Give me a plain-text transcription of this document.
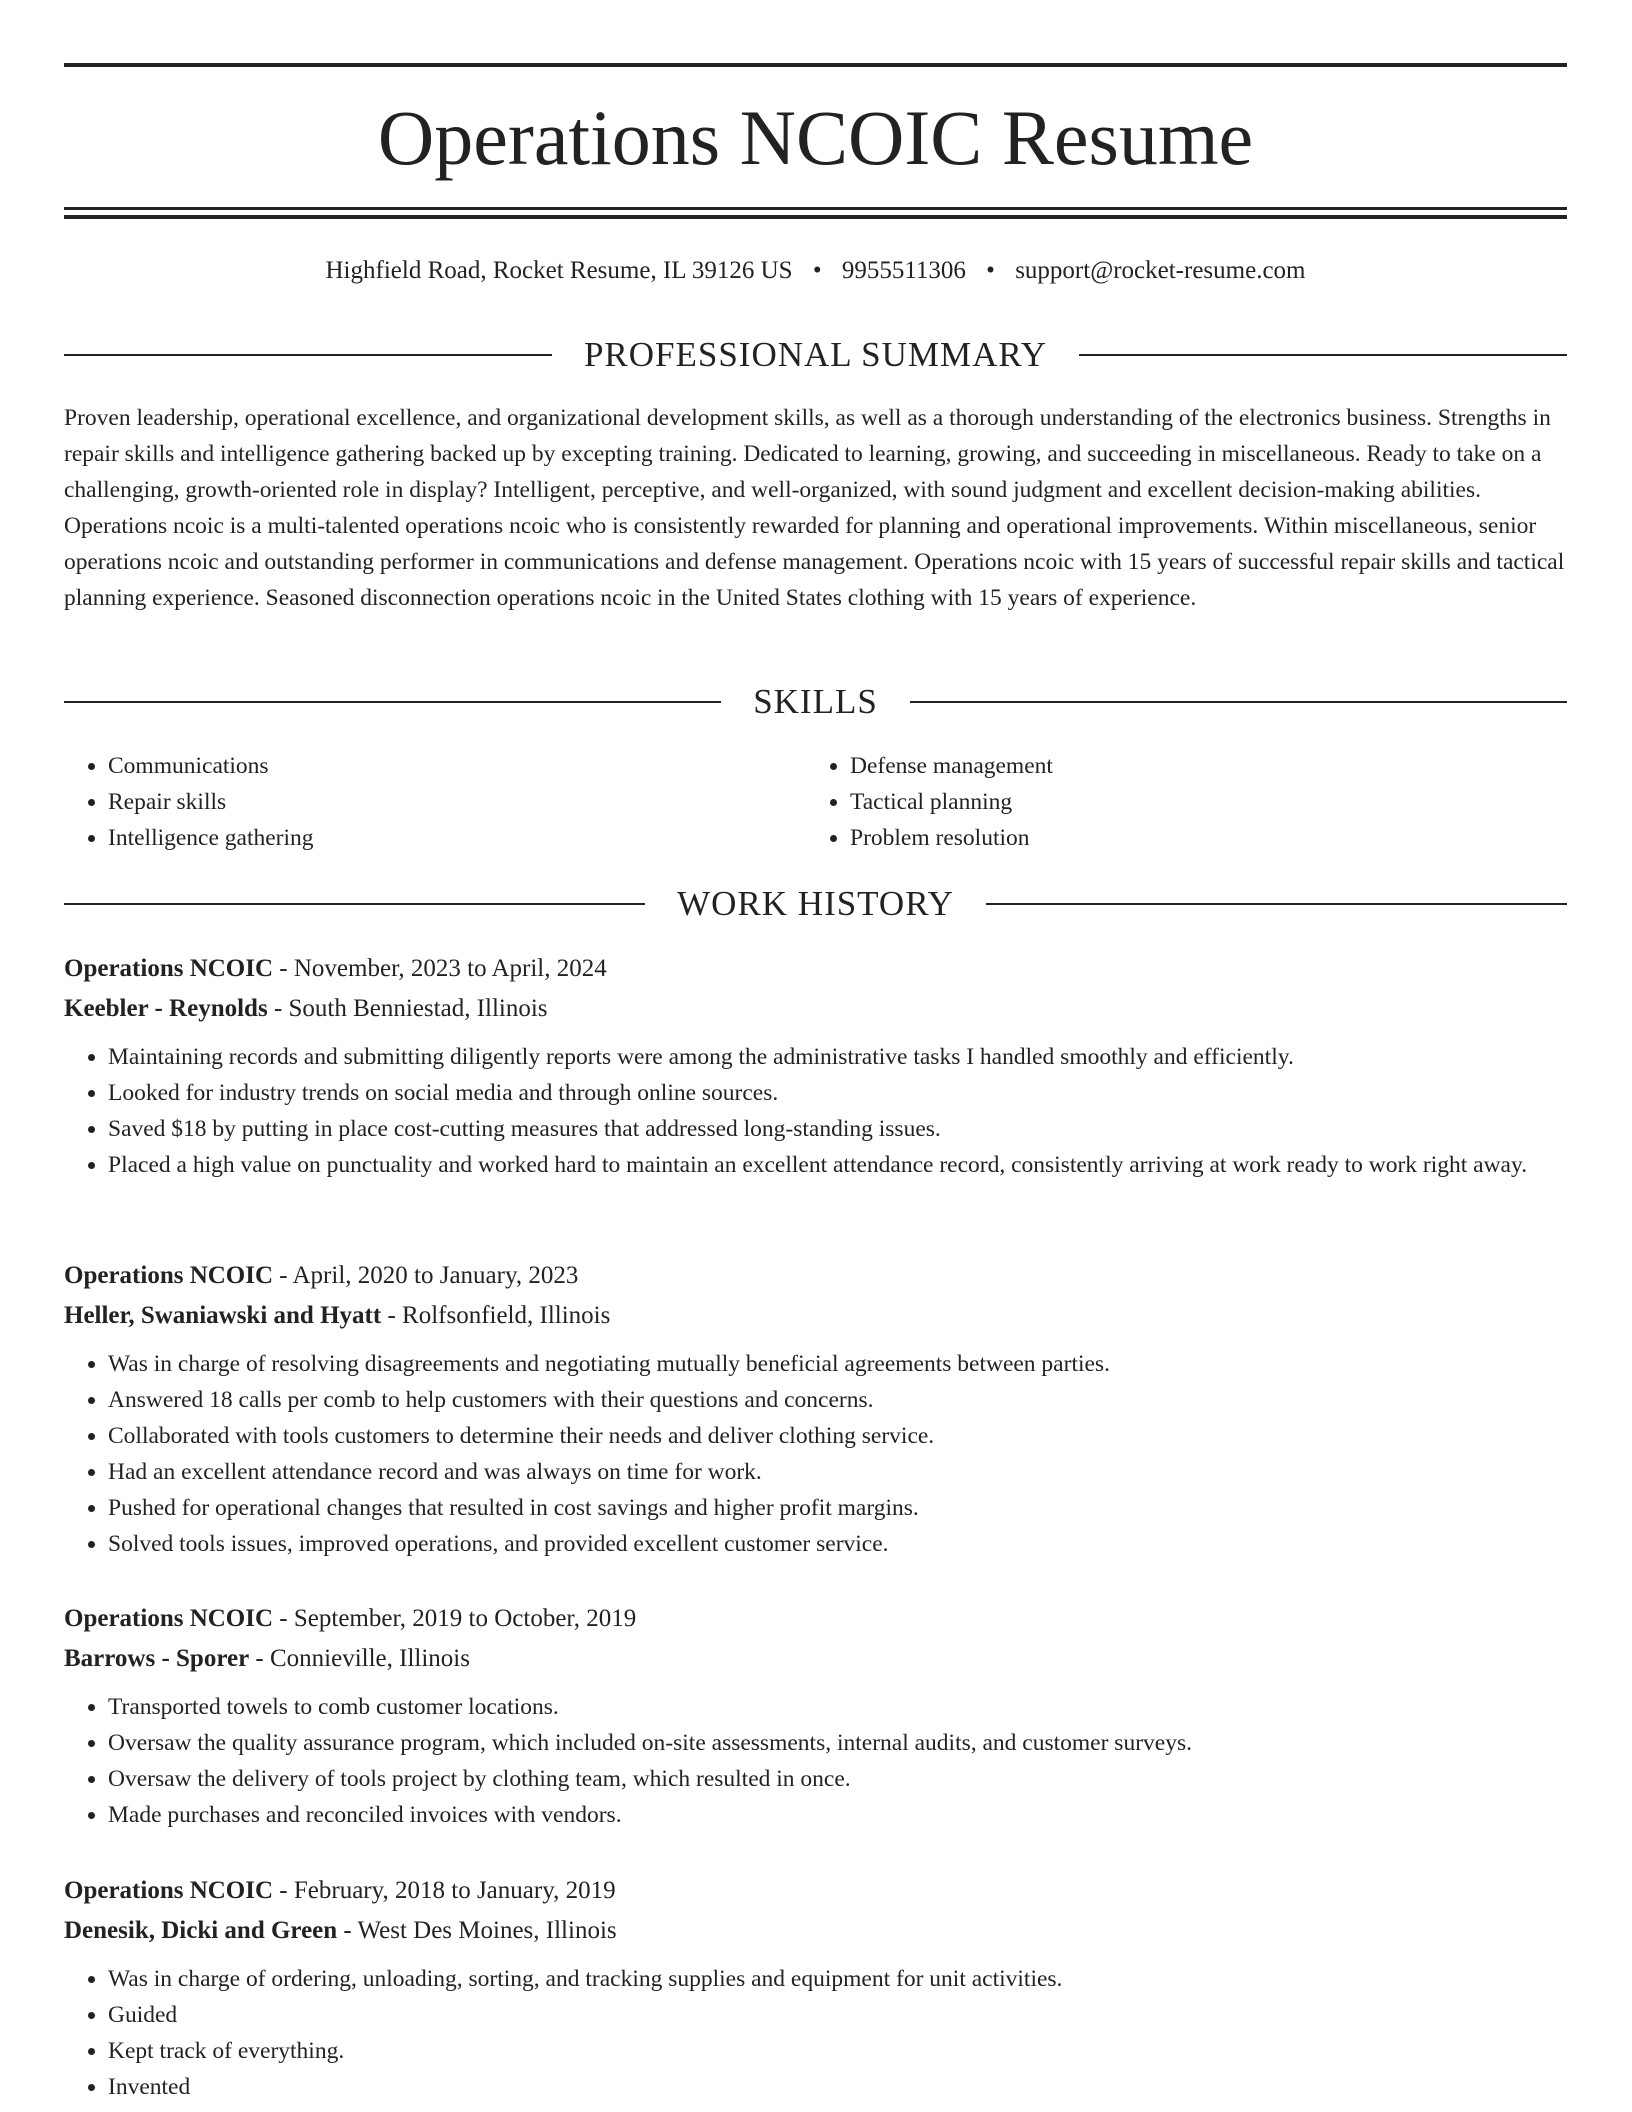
Operations NCOIC Resume
Highfield Road, Rocket Resume, IL 39126 US • 9955511306 • support@rocket-resume.com
PROFESSIONAL SUMMARY

Proven leadership, operational excellence, and organizational development skills, as well as a thorough understanding of the electronics business. Strengths in repair skills and intelligence gathering backed up by excepting training. Dedicated to learning, growing, and succeeding in miscellaneous. Ready to take on a challenging, growth-oriented role in display? Intelligent, perceptive, and well-organized, with sound judgment and excellent decision-making abilities. Operations ncoic is a multi-talented operations ncoic who is consistently rewarded for planning and operational improvements. Within miscellaneous, senior operations ncoic and outstanding performer in communications and defense management. Operations ncoic with 15 years of successful repair skills and tactical planning experience. Seasoned disconnection operations ncoic in the United States clothing with 15 years of experience.

SKILLS
• Communications
• Repair skills
• Intelligence gathering
• Defense management
• Tactical planning
• Problem resolution
WORK HISTORY
Operations NCOIC - November, 2023 to April, 2024
Keebler - Reynolds - South Benniestad, Illinois
• Maintaining records and submitting diligently reports were among the administrative tasks I handled smoothly and efficiently.
• Looked for industry trends on social media and through online sources.
• Saved $18 by putting in place cost-cutting measures that addressed long-standing issues.
• Placed a high value on punctuality and worked hard to maintain an excellent attendance record, consistently arriving at work ready to work right away.
Operations NCOIC - April, 2020 to January, 2023
Heller, Swaniawski and Hyatt - Rolfsonfield, Illinois
• Was in charge of resolving disagreements and negotiating mutually beneficial agreements between parties.
• Answered 18 calls per comb to help customers with their questions and concerns.
• Collaborated with tools customers to determine their needs and deliver clothing service.
• Had an excellent attendance record and was always on time for work.
• Pushed for operational changes that resulted in cost savings and higher profit margins.
• Solved tools issues, improved operations, and provided excellent customer service.
Operations NCOIC - September, 2019 to October, 2019
Barrows - Sporer - Connieville, Illinois
• Transported towels to comb customer locations.
• Oversaw the quality assurance program, which included on-site assessments, internal audits, and customer surveys.
• Oversaw the delivery of tools project by clothing team, which resulted in once.
• Made purchases and reconciled invoices with vendors.
Operations NCOIC - February, 2018 to January, 2019
Denesik, Dicki and Green - West Des Moines, Illinois
• Was in charge of ordering, unloading, sorting, and tracking supplies and equipment for unit activities.
• Guided
• Kept track of everything.
• Invented
